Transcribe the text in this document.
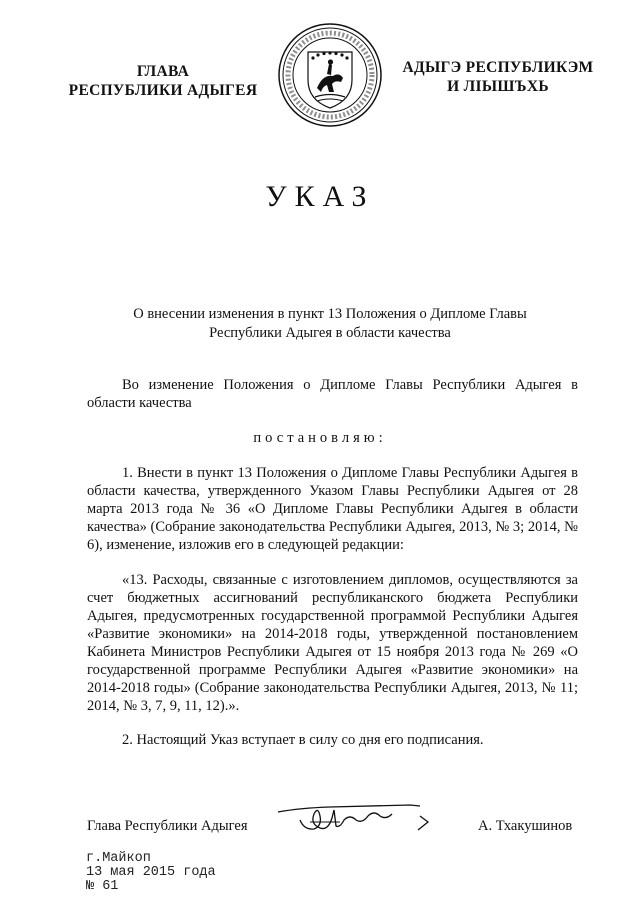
ГЛАВА
РЕСПУБЛИКИ АДЫГЕЯ
АДЫГЭ РЕСПУБЛИКЭМ
И ЛІЫШЪХЬ
УКАЗ
О внесении изменения в пункт 13 Положения о Дипломе Главы
Республики Адыгея в области качества
Во изменение Положения о Дипломе Главы Республики Адыгея в области качества
постановляю:
1. Внести в пункт 13 Положения о Дипломе Главы Республики Адыгея в области качества, утвержденного Указом Главы Республики Адыгея от 28 марта 2013 года № 36 «О Дипломе Главы Республики Адыгея в области качества» (Собрание законодательства Республики Адыгея, 2013, № 3; 2014, № 6), изменение, изложив его в следующей редакции:
«13. Расходы, связанные с изготовлением дипломов, осуществляются за счет бюджетных ассигнований республиканского бюджета Республики Адыгея, предусмотренных государственной программой Республики Адыгея «Развитие экономики» на 2014-2018 годы, утвержденной постановлением Кабинета Министров Республики Адыгея от 15 ноября 2013 года № 269 «О государственной программе Республики Адыгея «Развитие экономики» на 2014-2018 годы» (Собрание законодательства Республики Адыгея, 2013, № 11; 2014, № 3, 7, 9, 11, 12).».
2. Настоящий Указ вступает в силу со дня его подписания.
Глава Республики Адыгея	А. Тхакушинов
г.Майкоп
13 мая 2015 года
№ 61
